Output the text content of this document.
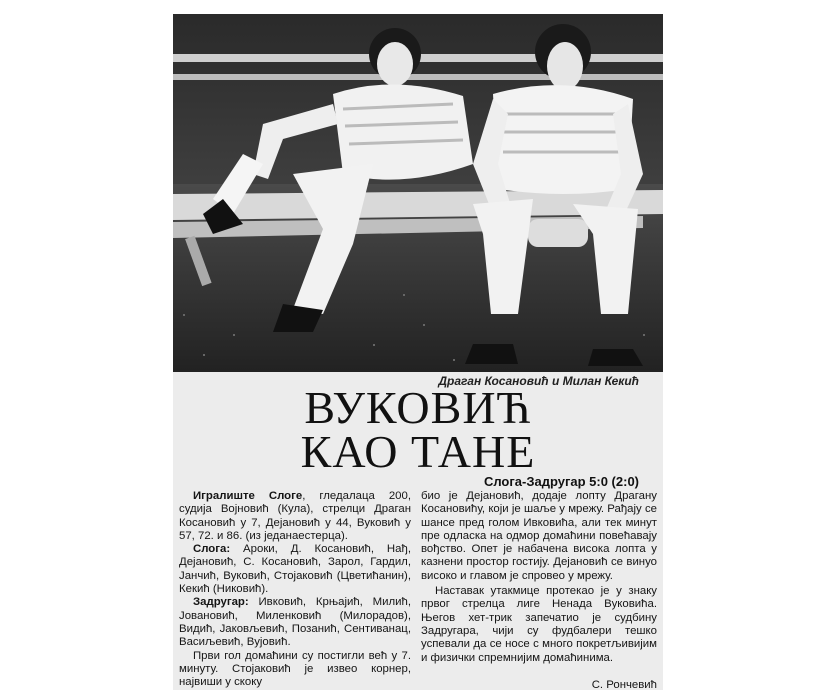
Драган Косановић и Милан Кекић
ВУКОВИЋ
КАО ТАНЕ
Слога-Задругар 5:0 (2:0)

Игралиште Слоге, гледалаца 200, судија Војновић (Кула), стрелци Драган Косановић у 7, Дејановић у 44, Вуковић у 57, 72. и 86. (из једанаестерца).

Слога: Ароки, Д. Косановић, Нађ, Дејановић, С. Косановић, Зарол, Гардил, Јанчић, Вуковић, Стојаковић (Цветићанин), Кекић (Никовић).

Задругар: Ивковић, Крњајић, Милић, Јовановић, Миленковић (Милорадов), Видић, Јаковљевић, Позанић, Сентиванац, Васиљевић, Вујовић.

Први гол домаћини су постигли већ у 7. минуту. Стојаковић је извео корнер, највиши у скоку

био је Дејановић, додаје лопту Драгану Косановићу, који је шаље у мрежу. Рађају се шансе пред голом Ивковића, али тек минут пре одласка на одмор домаћини повећавају вођство. Опет је набачена висока лопта у казнени простор гостију. Дејановић се винуо високо и главом је спровео у мрежу.

Наставак утакмице протекао је у знаку првог стрелца лиге Ненада Вуковића. Његов хет-трик запечатио је судбину Задругара, чији су фудбалери тешко успевали да се носе с много покретљивијим и физички спремнијим домаћинима.

С. Рончевић
